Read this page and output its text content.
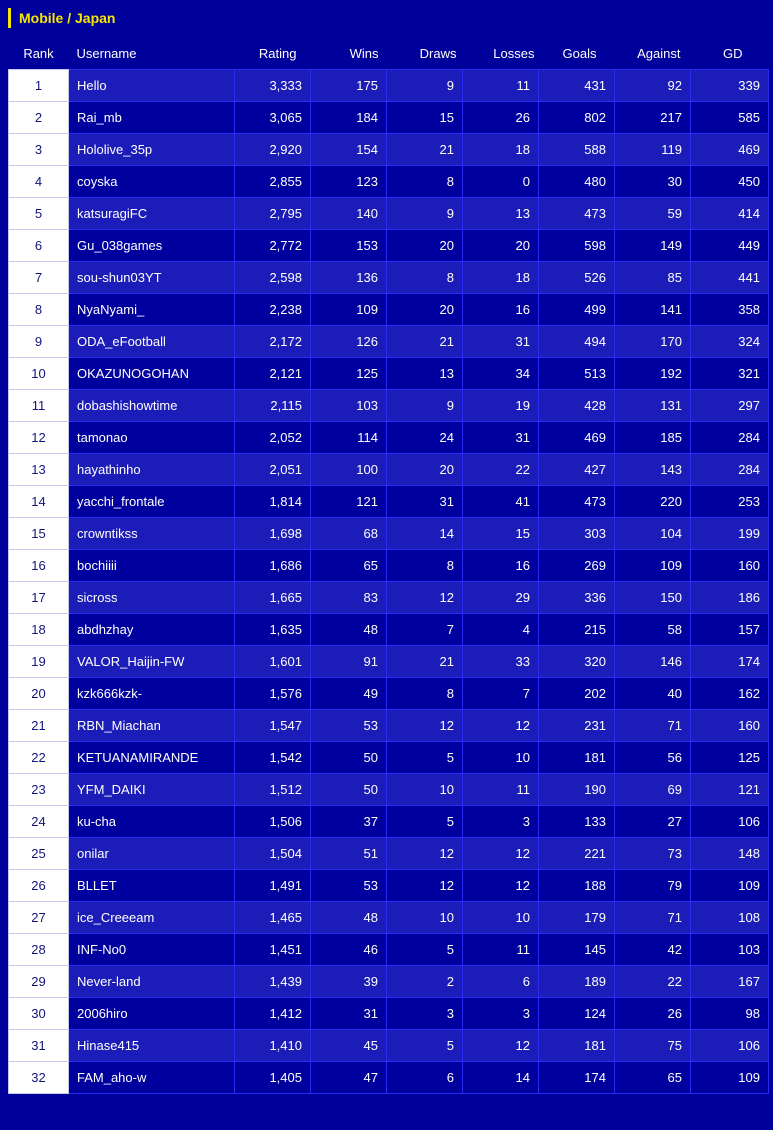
Mobile / Japan
Rank	Username	Rating	Wins	Draws	Losses	Goals	Against	GD
1	Hello	3,333	175	9	11	431	92	339
2	Rai_mb	3,065	184	15	26	802	217	585
3	Hololive_35p	2,920	154	21	18	588	119	469
4	coyska	2,855	123	8	0	480	30	450
5	katsuragiFC	2,795	140	9	13	473	59	414
6	Gu_038games	2,772	153	20	20	598	149	449
7	sou-shun03YT	2,598	136	8	18	526	85	441
8	NyaNyami_	2,238	109	20	16	499	141	358
9	ODA_eFootball	2,172	126	21	31	494	170	324
10	OKAZUNOGOHAN	2,121	125	13	34	513	192	321
11	dobashishowtime	2,115	103	9	19	428	131	297
12	tamonao	2,052	114	24	31	469	185	284
13	hayathinho	2,051	100	20	22	427	143	284
14	yacchi_frontale	1,814	121	31	41	473	220	253
15	crowntikss	1,698	68	14	15	303	104	199
16	bochiiii	1,686	65	8	16	269	109	160
17	sicross	1,665	83	12	29	336	150	186
18	abdhzhay	1,635	48	7	4	215	58	157
19	VALOR_Haijin-FW	1,601	91	21	33	320	146	174
20	kzk666kzk-	1,576	49	8	7	202	40	162
21	RBN_Miachan	1,547	53	12	12	231	71	160
22	KETUANAMIRANDE	1,542	50	5	10	181	56	125
23	YFM_DAIKI	1,512	50	10	11	190	69	121
24	ku-cha	1,506	37	5	3	133	27	106
25	onilar	1,504	51	12	12	221	73	148
26	BLLET	1,491	53	12	12	188	79	109
27	ice_Creeeam	1,465	48	10	10	179	71	108
28	INF-No0	1,451	46	5	11	145	42	103
29	Never-land	1,439	39	2	6	189	22	167
30	2006hiro	1,412	31	3	3	124	26	98
31	Hinase415	1,410	45	5	12	181	75	106
32	FAM_aho-w	1,405	47	6	14	174	65	109
